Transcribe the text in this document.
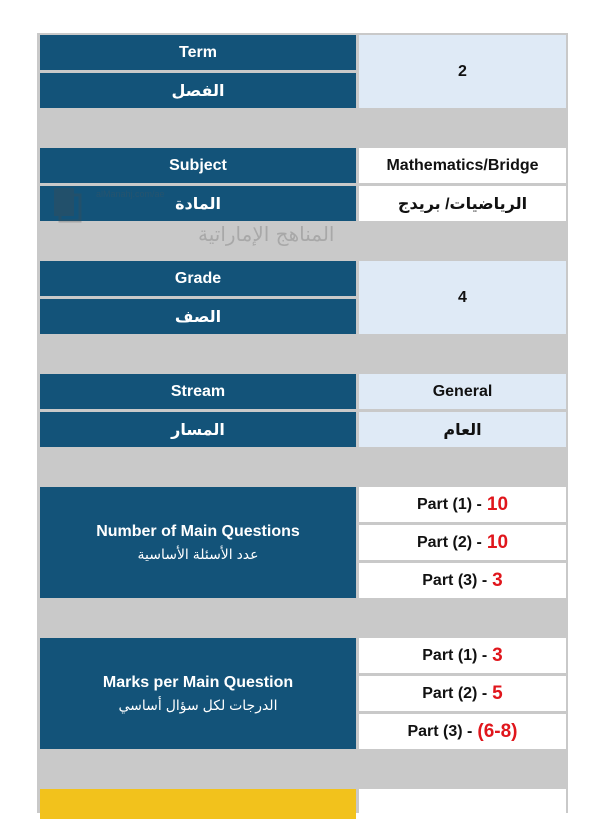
Term
الفصل
2
Subject
المادة
Mathematics/Bridge
الرياضيات/ بريدج
Grade
الصف
4
Stream
المسار
General
العام
Number of Main Questions
عدد الأسئلة الأساسية
Part (1) - 10
Part (2) - 10
Part (3) - 3
Marks per Main Question
الدرجات لكل سؤال أساسي
Part (1) - 3
Part (2) - 5
Part (3) - (6-8)
alManahj.com/ae
المناهج الإماراتية
